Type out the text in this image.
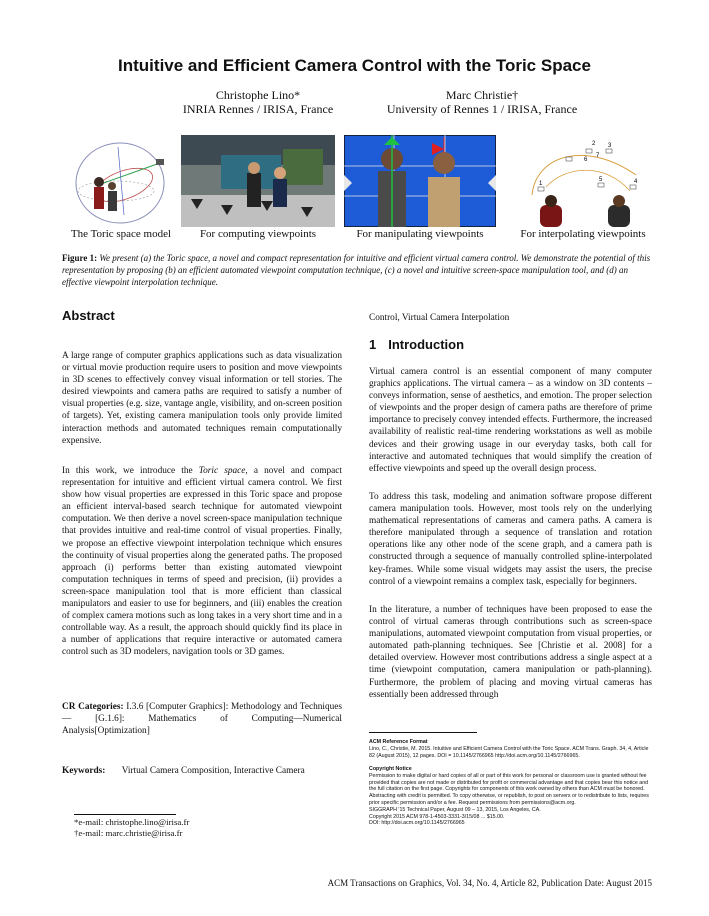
Intuitive and Efficient Camera Control with the Toric Space
Christophe Lino*
INRIA Rennes / IRISA, France
Marc Christie†
University of Rennes 1 / IRISA, France
1
2 3
4
5
6
7
The Toric space model	For computing viewpoints	For manipulating viewpoints	For interpolating viewpoints
Figure 1: We present (a) the Toric space, a novel and compact representation for intuitive and efficient virtual camera control. We demonstrate the potential of this representation by proposing (b) an efficient automated viewpoint computation technique, (c) a novel and intuitive screen-space manipulation tool, and (d) an effective viewpoint interpolation technique.
Abstract
A large range of computer graphics applications such as data visualization or virtual movie production require users to position and move viewpoints in 3D scenes to effectively convey visual information or tell stories. The desired viewpoints and camera paths are required to satisfy a number of visual properties (e.g. size, vantage angle, visibility, and on-screen position of targets). Yet, existing camera manipulation tools only provide limited interaction methods and automated techniques remain computationally expensive.
In this work, we introduce the Toric space, a novel and compact representation for intuitive and efficient virtual camera control. We first show how visual properties are expressed in this Toric space and propose an efficient interval-based search technique for automated viewpoint computation. We then derive a novel screen-space manipulation technique that provides intuitive and real-time control of visual properties. Finally, we propose an effective viewpoint interpolation technique which ensures the continuity of visual properties along the generated paths. The proposed approach (i) performs better than existing automated viewpoint computation techniques in terms of speed and precision, (ii) provides a screen-space manipulation tool that is more efficient than classical manipulators and easier to use for beginners, and (iii) enables the creation of complex camera motions such as long takes in a very short time and in a controllable way. As a result, the approach should quickly find its place in a number of applications that require interactive or automated camera control such as 3D modelers, navigation tools or 3D games.
CR Categories: I.3.6 [Computer Graphics]: Methodology and Techniques— [G.1.6]: Mathematics of Computing—Numerical Analysis[Optimization]
Keywords: Virtual Camera Composition, Interactive Camera
*e-mail: christophe.lino@irisa.fr
†e-mail: marc.christie@irisa.fr
Control, Virtual Camera Interpolation
1 Introduction
Virtual camera control is an essential component of many computer graphics applications. The virtual camera – as a window on 3D contents – conveys information, sense of aesthetics, and emotion. The proper selection of viewpoints and the proper design of camera paths are therefore of prime importance to precisely convey intended effects. Furthermore, the increased availability of realistic real-time rendering workstations as well as mobile devices and their growing usage in our everyday tasks, both call for interactive and automated techniques that would simplify the creation of effective viewpoints and speed up the overall design process.
To address this task, modeling and animation software propose different camera manipulation tools. However, most tools rely on the underlying mathematical representations of cameras and camera paths. A camera is therefore manipulated through a sequence of translation and rotation operations like any other node of the scene graph, and a camera path is constructed through a sequence of manually controlled spline-interpolated key-frames. While some visual widgets may assist the users, the precise control of a viewpoint remains a complex task, especially for beginners.
In the literature, a number of techniques have been proposed to ease the control of virtual cameras through contributions such as screen-space manipulations, automated viewpoint computation from visual properties, or automated path-planning techniques. See [Christie et al. 2008] for a detailed overview. However most contributions address a single aspect at a time (viewpoint computation, camera manipulation or path-planning). Furthermore, the problem of placing and moving virtual cameras has essentially been addressed through
ACM Reference Format
Lino, C., Christie, M. 2015. Intuitive and Efficient Camera Control with the Toric Space. ACM Trans. Graph. 34, 4, Article 82 (August 2015), 12 pages. DOI = 10.1145/2766965 http://doi.acm.org/10.1145/2766965.
Copyright Notice
Permission to make digital or hard copies of all or part of this work for personal or classroom use is granted without fee provided that copies are not made or distributed for profit or commercial advantage and that copies bear this notice and the full citation on the first page. Copyrights for components of this work owned by others than ACM must be honored. Abstracting with credit is permitted. To copy otherwise, or republish, to post on servers or to redistribute to lists, requires prior specific permission and/or a fee. Request permissions from permissions@acm.org.
SIGGRAPH '15 Technical Paper, August 09 – 13, 2015, Los Angeles, CA.
Copyright 2015 ACM 978-1-4503-3331-3/15/08 ... $15.00.
DOI: http://doi.acm.org/10.1145/2766965
ACM Transactions on Graphics, Vol. 34, No. 4, Article 82, Publication Date: August 2015
